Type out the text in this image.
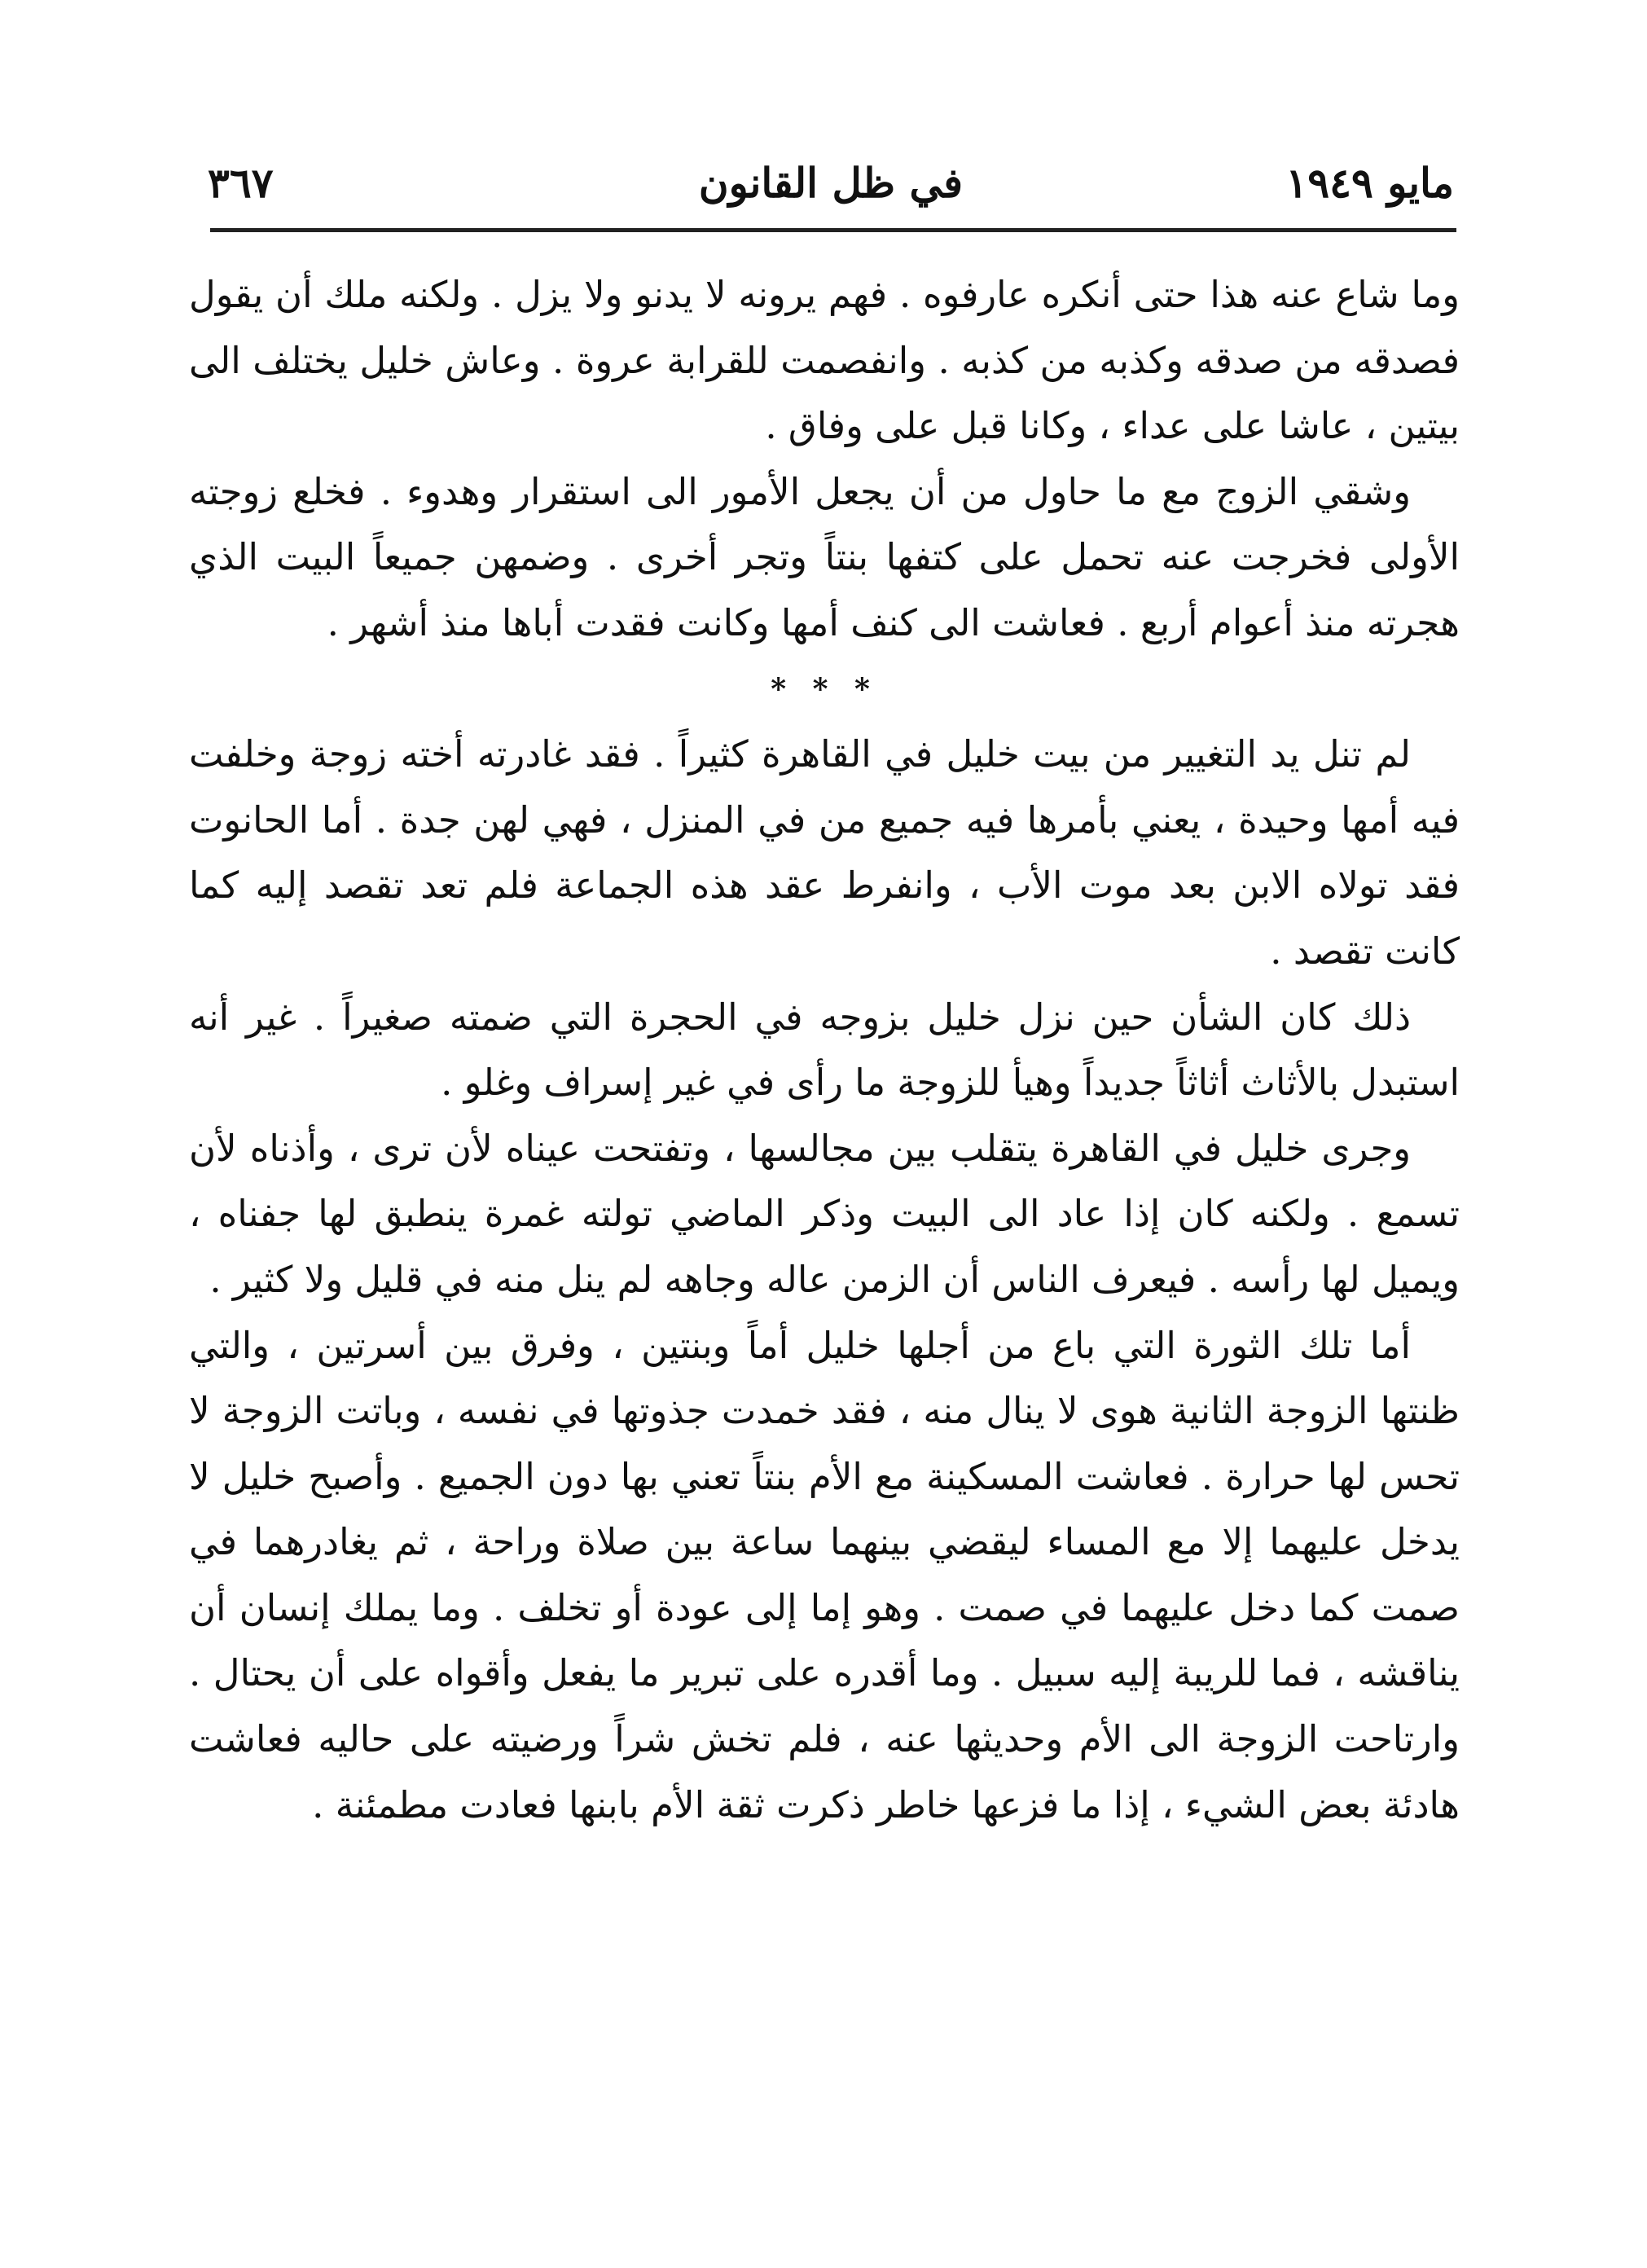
مايو ١٩٤٩
في ظل القانون
٣٦٧

وما شاع عنه هذا حتى أنكره عارفوه . فهم يرونه لا يدنو ولا يزل . ولكنه ملك أن يقول فصدقه من صدقه وكذبه من كذبه . وانفصمت للقرابة عروة . وعاش خليل يختلف الى بيتين ، عاشا على عداء ، وكانا قبل على وفاق .

وشقي الزوج مع ما حاول من أن يجعل الأمور الى استقرار وهدوء . فخلع زوجته الأولى فخرجت عنه تحمل على كتفها بنتاً وتجر أخرى . وضمهن جميعاً البيت الذي هجرته منذ أعوام أربع . فعاشت الى كنف أمها وكانت فقدت أباها منذ أشهر .

* * *

لم تنل يد التغيير من بيت خليل في القاهرة كثيراً . فقد غادرته أخته زوجة وخلفت فيه أمها وحيدة ، يعني بأمرها فيه جميع من في المنزل ، فهي لهن جدة . أما الحانوت فقد تولاه الابن بعد موت الأب ، وانفرط عقد هذه الجماعة فلم تعد تقصد إليه كما كانت تقصد .

ذلك كان الشأن حين نزل خليل بزوجه في الحجرة التي ضمته صغيراً . غير أنه استبدل بالأثاث أثاثاً جديداً وهيأ للزوجة ما رأى في غير إسراف وغلو .

وجرى خليل في القاهرة يتقلب بين مجالسها ، وتفتحت عيناه لأن ترى ، وأذناه لأن تسمع . ولكنه كان إذا عاد الى البيت وذكر الماضي تولته غمرة ينطبق لها جفناه ، ويميل لها رأسه . فيعرف الناس أن الزمن عاله وجاهه لم ينل منه في قليل ولا كثير .

أما تلك الثورة التي باع من أجلها خليل أماً وبنتين ، وفرق بين أسرتين ، والتي ظنتها الزوجة الثانية هوى لا ينال منه ، فقد خمدت جذوتها في نفسه ، وباتت الزوجة لا تحس لها حرارة . فعاشت المسكينة مع الأم بنتاً تعني بها دون الجميع . وأصبح خليل لا يدخل عليهما إلا مع المساء ليقضي بينهما ساعة بين صلاة وراحة ، ثم يغادرهما في صمت كما دخل عليهما في صمت . وهو إما إلى عودة أو تخلف . وما يملك إنسان أن يناقشه ، فما للريبة إليه سبيل . وما أقدره على تبرير ما يفعل وأقواه على أن يحتال . وارتاحت الزوجة الى الأم وحديثها عنه ، فلم تخش شراً ورضيته على حاليه فعاشت هادئة بعض الشيء ، إذا ما فزعها خاطر ذكرت ثقة الأم بابنها فعادت مطمئنة .
